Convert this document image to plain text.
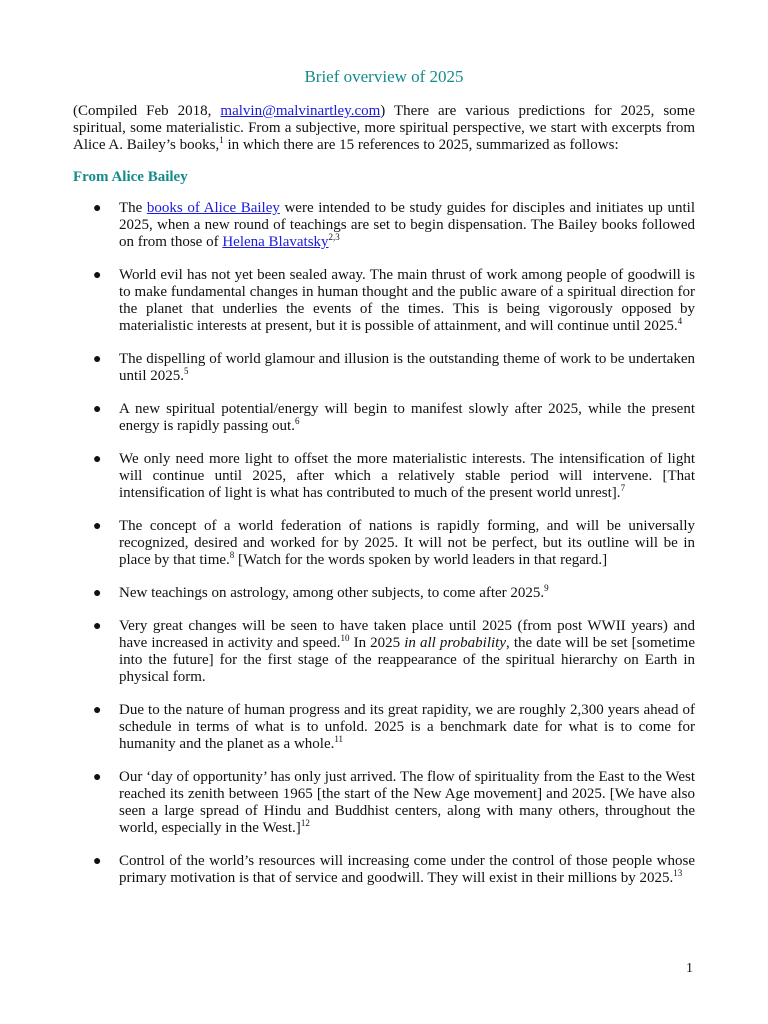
Brief overview of 2025

(Compiled Feb 2018, malvin@malvinartley.com) There are various predictions for 2025, some spiritual, some materialistic. From a subjective, more spiritual perspective, we start with excerpts from Alice A. Bailey’s books,$^1$ in which there are 15 references to 2025, summarized as follows:

From Alice Bailey
● The books of Alice Bailey were intended to be study guides for disciples and initiates up until 2025, when a new round of teachings are set to begin dispensation. The Bailey books followed on from those of Helena Blavatsky$^{2,3}$
● World evil has not yet been sealed away. The main thrust of work among people of goodwill is to make fundamental changes in human thought and the public aware of a spiritual direction for the planet that underlies the events of the times. This is being vigorously opposed by materialistic interests at present, but it is possible of attainment, and will continue until 2025.$^4$
● The dispelling of world glamour and illusion is the outstanding theme of work to be undertaken until 2025.$^5$
● A new spiritual potential/energy will begin to manifest slowly after 2025, while the present energy is rapidly passing out.$^6$
● We only need more light to offset the more materialistic interests. The intensification of light will continue until 2025, after which a relatively stable period will intervene. [That intensification of light is what has contributed to much of the present world unrest].$^7$
● The concept of a world federation of nations is rapidly forming, and will be universally recognized, desired and worked for by 2025. It will not be perfect, but its outline will be in place by that time.$^8$ [Watch for the words spoken by world leaders in that regard.]
● New teachings on astrology, among other subjects, to come after 2025.$^9$
● Very great changes will be seen to have taken place until 2025 (from post WWII years) and have increased in activity and speed.$^{10}$ In 2025 in all probability, the date will be set [sometime into the future] for the first stage of the reappearance of the spiritual hierarchy on Earth in physical form.
● Due to the nature of human progress and its great rapidity, we are roughly 2,300 years ahead of schedule in terms of what is to unfold. 2025 is a benchmark date for what is to come for humanity and the planet as a whole.$^{11}$
● Our ‘day of opportunity’ has only just arrived. The flow of spirituality from the East to the West reached its zenith between 1965 [the start of the New Age movement] and 2025. [We have also seen a large spread of Hindu and Buddhist centers, along with many others, throughout the world, especially in the West.]$^{12}$
● Control of the world’s resources will increasing come under the control of those people whose primary motivation is that of service and goodwill. They will exist in their millions by 2025.13
1
